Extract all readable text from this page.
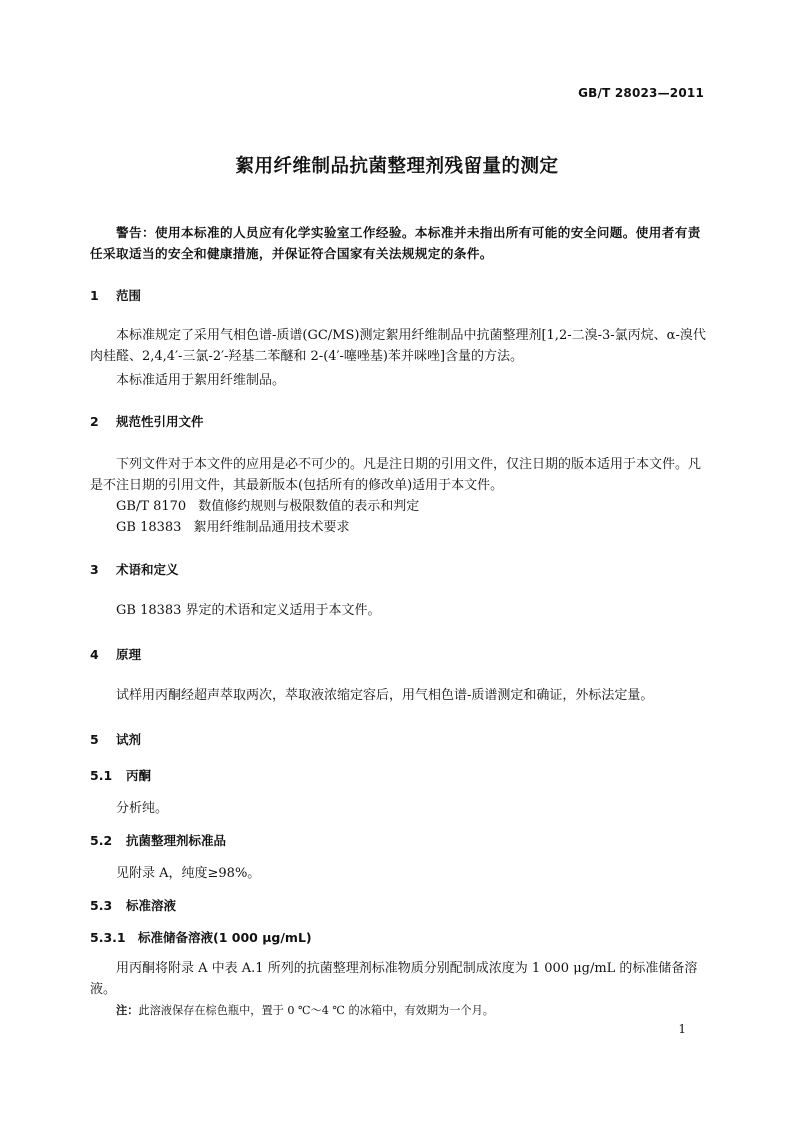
GB/T 28023—2011
絮用纤维制品抗菌整理剂残留量的测定
警告：使用本标准的人员应有化学实验室工作经验。本标准并未指出所有可能的安全问题。使用者有责任采取适当的安全和健康措施，并保证符合国家有关法规规定的条件。
1 范围
本标准规定了采用气相色谱-质谱(GC/MS)测定絮用纤维制品中抗菌整理剂[1,2-二溴-3-氯丙烷、α-溴代肉桂醛、2,4,4′-三氯-2′-羟基二苯醚和 2-(4′-噻唑基)苯并咪唑]含量的方法。
本标准适用于絮用纤维制品。
2 规范性引用文件
下列文件对于本文件的应用是必不可少的。凡是注日期的引用文件，仅注日期的版本适用于本文件。凡是不注日期的引用文件，其最新版本(包括所有的修改单)适用于本文件。
GB/T 8170 数值修约规则与极限数值的表示和判定
GB 18383 絮用纤维制品通用技术要求
3 术语和定义
GB 18383 界定的术语和定义适用于本文件。
4 原理
试样用丙酮经超声萃取两次，萃取液浓缩定容后，用气相色谱-质谱测定和确证，外标法定量。
5 试剂
5.1 丙酮
分析纯。
5.2 抗菌整理剂标准品
见附录 A，纯度≥98%。
5.3 标准溶液
5.3.1 标准储备溶液(1 000 μg/mL)
用丙酮将附录 A 中表 A.1 所列的抗菌整理剂标准物质分别配制成浓度为 1 000 μg/mL 的标准储备溶液。
注：此溶液保存在棕色瓶中，置于 0 ℃～4 ℃ 的冰箱中，有效期为一个月。
1
